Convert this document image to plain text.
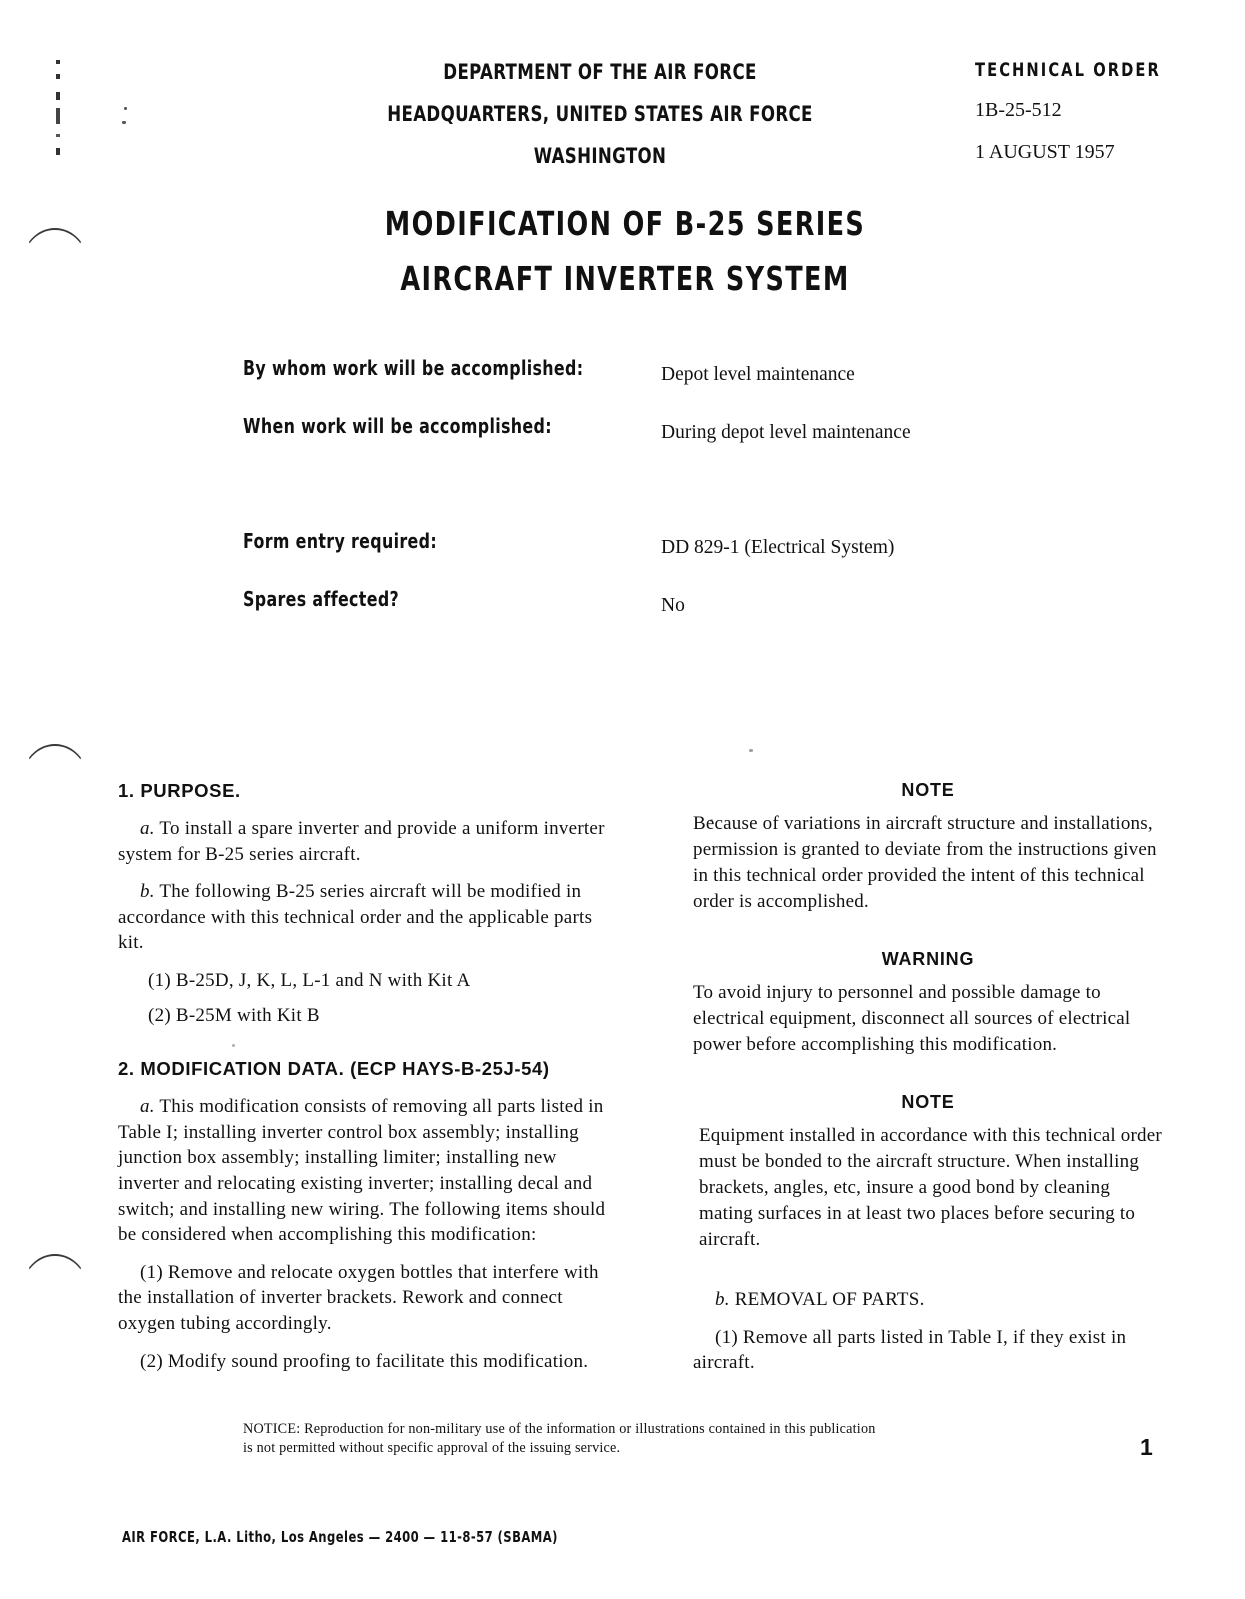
DEPARTMENT OF THE AIR FORCE
HEADQUARTERS, UNITED STATES AIR FORCE
WASHINGTON
TECHNICAL ORDER
1B-25-512
1 AUGUST 1957
MODIFICATION OF B-25 SERIES
AIRCRAFT INVERTER SYSTEM
By whom work will be accomplished:	Depot level maintenance
When work will be accomplished:	During depot level maintenance
Form entry required:	DD 829-1 (Electrical System)
Spares affected?	No

1. PURPOSE.

a. To install a spare inverter and provide a uniform inverter system for B-25 series aircraft.

b. The following B-25 series aircraft will be modified in accordance with this technical order and the applicable parts kit.

(1) B-25D, J, K, L, L-1 and N with Kit A

(2) B-25M with Kit B

2. MODIFICATION DATA. (ECP HAYS-B-25J-54)

a. This modification consists of removing all parts listed in Table I; installing inverter control box assembly; installing junction box assembly; installing limiter; installing new inverter and relocating existing inverter; installing decal and switch; and installing new wiring. The following items should be considered when accomplishing this modification:

(1) Remove and relocate oxygen bottles that interfere with the installation of inverter brackets. Rework and connect oxygen tubing accordingly.

(2) Modify sound proofing to facilitate this modification.

NOTE

Because of variations in aircraft structure and installations, permission is granted to deviate from the instructions given in this technical order provided the intent of this technical order is accomplished.

WARNING

To avoid injury to personnel and possible damage to electrical equipment, disconnect all sources of electrical power before accomplishing this modification.

NOTE

Equipment installed in accordance with this technical order must be bonded to the aircraft structure. When installing brackets, angles, etc, insure a good bond by cleaning mating surfaces in at least two places before securing to aircraft.

b. REMOVAL OF PARTS.

(1) Remove all parts listed in Table I, if they exist in aircraft.

NOTICE: Reproduction for non-military use of the information or illustrations contained in this publication
is not permitted without specific approval of the issuing service.	1
AIR FORCE, L.A. Litho, Los Angeles — 2400 — 11-8-57 (SBAMA)
